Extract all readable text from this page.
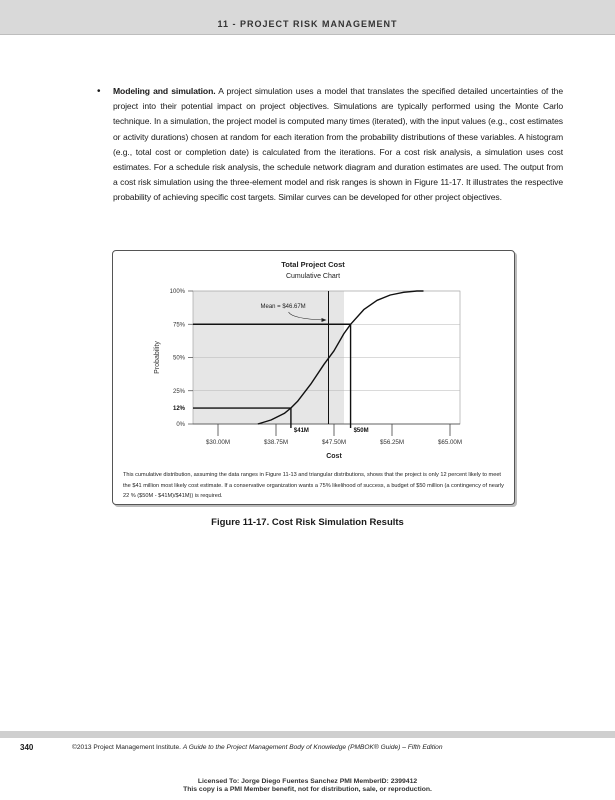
11 - PROJECT RISK MANAGEMENT
• Modeling and simulation. A project simulation uses a model that translates the specified detailed uncertainties of the project into their potential impact on project objectives. Simulations are typically performed using the Monte Carlo technique. In a simulation, the project model is computed many times (iterated), with the input values (e.g., cost estimates or activity durations) chosen at random for each iteration from the probability distributions of these variables. A histogram (e.g., total cost or completion date) is calculated from the iterations. For a cost risk analysis, a simulation uses cost estimates. For a schedule risk analysis, the schedule network diagram and duration estimates are used. The output from a cost risk simulation using the three-element model and risk ranges is shown in Figure 11-17. It illustrates the respective probability of achieving specific cost targets. Similar curves can be developed for other project objectives.
Total Project Cost
Cumulative Chart
0%
25%
50%
75%
100%
Probability
$30.00M	$38.75M	$47.50M	$56.25M	$65.00M
Cost
$41M
12%
$50M
Mean = $46.67M
This cumulative distribution, assuming the data ranges in Figure 11-13 and triangular distributions, shows that the project is only 12 percent likely to meet the $41 million most likely cost estimate. If a conservative organization wants a 75% likelihood of success, a budget of $50 million (a contingency of nearly 22 % ($50M - $41M)/$41M)) is required.
Figure 11-17. Cost Risk Simulation Results
340	©2013 Project Management Institute. A Guide to the Project Management Body of Knowledge (PMBOK® Guide) – Fifth Edition
Licensed To: Jorge Diego Fuentes Sanchez PMI MemberID: 2399412
This copy is a PMI Member benefit, not for distribution, sale, or reproduction.
